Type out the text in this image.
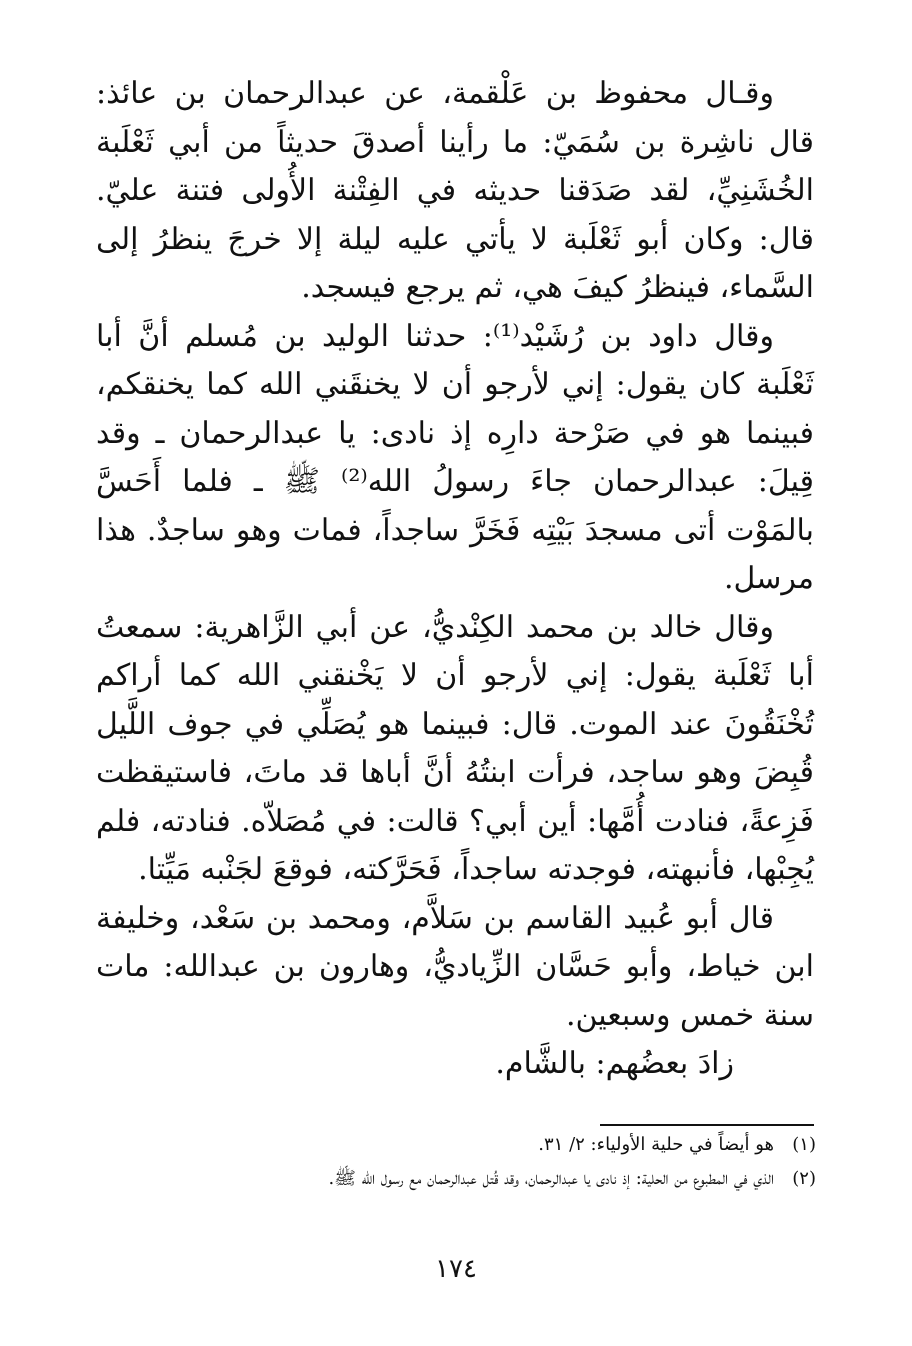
وقـال محفوظ بن عَلْقمة، عن عبدالرحمان بن عائذ: قال ناشِرة بن سُمَيّ: ما رأينا أصدقَ حديثاً من أبي ثَعْلَبة الخُشَنِيِّ، لقد صَدَقنا حديثه في الفِتْنة الأُولى فتنة عليّ. قال: وكان أبو ثَعْلَبة لا يأتي عليه ليلة إلا خرجَ ينظرُ إلى السَّماء، فينظرُ كيفَ هي، ثم يرجع فيسجد.

وقال داود بن رُشَيْد⁽¹⁾: حدثنا الوليد بن مُسلم أنَّ أبا ثَعْلَبة كان يقول: إني لأرجو أن لا يخنقَني الله كما يخنقكم، فبينما هو في صَرْحة دارِه إذ نادى: يا عبدالرحمان ـ وقد قِيلَ: عبدالرحمان جاءَ رسولُ الله⁽²⁾ ﷺ ـ فلما أَحَسَّ بالمَوْت أتى مسجدَ بَيْتِه فَخَرَّ ساجداً، فمات وهو ساجدٌ. هذا مرسل.

وقال خالد بن محمد الكِنْديُّ، عن أبي الزَّاهرية: سمعتُ أبا ثَعْلَبة يقول: إني لأرجو أن لا يَخْنقني الله كما أراكم تُخْنَقُونَ عند الموت. قال: فبينما هو يُصَلِّي في جوف اللَّيل قُبِضَ وهو ساجد، فرأت ابنتُهُ أنَّ أباها قد ماتَ، فاستيقظت فَزِعةً، فنادت أُمَّها: أين أبي؟ قالت: في مُصَلاّه. فنادته، فلم يُجِبْها، فأنبهته، فوجدته ساجداً، فَحَرَّكته، فوقعَ لجَنْبه مَيِّتا.

قال أبو عُبيد القاسم بن سَلاَّم، ومحمد بن سَعْد، وخليفة ابن خياط، وأبو حَسَّان الزِّياديُّ، وهارون بن عبدالله: مات سنة خمس وسبعين.

زادَ بعضُهم: بالشَّام.

(١)
هو أيضاً في حلية الأولياء: ٢/ ٣١.
(٢)
الذي في المطبوع من الحلية: إذ نادى يا عبدالرحمان، وقد قُتل عبدالرحمان مع رسول الله ﷺ.
١٧٤
